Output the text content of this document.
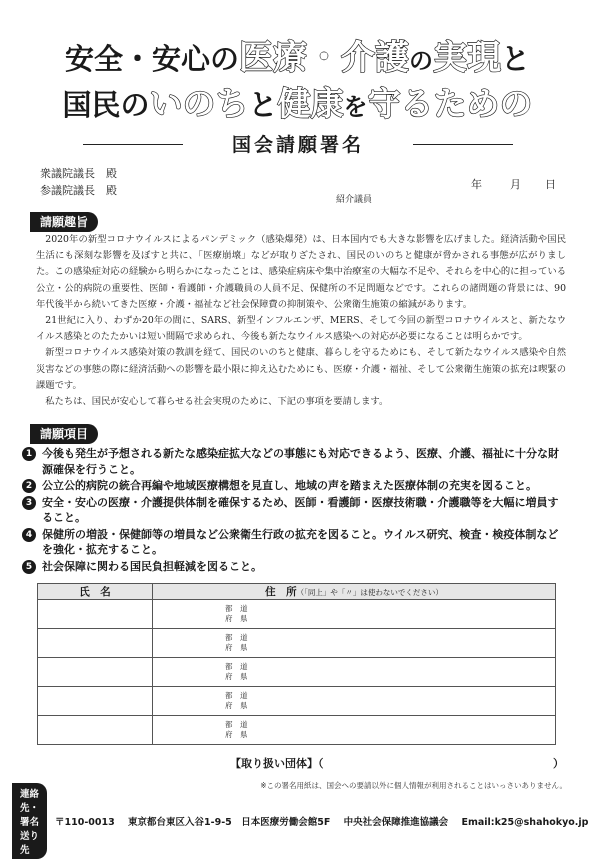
安全・安心の医療・介護の実現と
国民のいのちと健康を守るための
国会請願署名
衆議院議長　殿
参議院議長　殿
紹介議員
年	月 日
請願趣旨

2020年の新型コロナウイルスによるパンデミック（感染爆発）は、日本国内でも大きな影響を広げました。経済活動や国民生活にも深刻な影響を及ぼすと共に、「医療崩壊」などが取りざたされ、国民のいのちと健康が脅かされる事態が広がりました。この感染症対応の経験から明らかになったことは、感染症病床や集中治療室の大幅な不足や、それらを中心的に担っている公立・公的病院の重要性、医師・看護師・介護職員の人員不足、保健所の不足問題などです。これらの諸問題の背景には、90年代後半から続いてきた医療・介護・福祉など社会保障費の抑制策や、公衆衛生施策の縮減があります。

21世紀に入り、わずか20年の間に、SARS、新型インフルエンザ、MERS、そして今回の新型コロナウイルスと、新たなウイルス感染とのたたかいは短い間隔で求められ、今後も新たなウイルス感染への対応が必要になることは明らかです。

新型コロナウイルス感染対策の教訓を経て、国民のいのちと健康、暮らしを守るためにも、そして新たなウイルス感染や自然災害などの事態の際に経済活動への影響を最小限に抑え込むためにも、医療・介護・福祉、そして公衆衛生施策の拡充は喫緊の課題です。

私たちは、国民が安心して暮らせる社会実現のために、下記の事項を要請します。

請願項目
1 今後も発生が予想される新たな感染症拡大などの事態にも対応できるよう、医療、介護、福祉に十分な財源確保を行うこと。
2 公立公的病院の統合再編や地域医療構想を見直し、地域の声を踏まえた医療体制の充実を図ること。
3 安全・安心の医療・介護提供体制を確保するため、医師・看護師・医療技術職・介護職等を大幅に増員すること。
4 保健所の増設・保健師等の増員など公衆衛生行政の拡充を図ること。ウイルス研究、検査・検疫体制などを強化・拡充すること。
5 社会保障に関わる国民負担軽減を図ること。
氏　名	住　所（「同上」や「〃」は使わないでください）

	都　道
府　県

	都　道
府　県

	都　道
府　県

	都　道
府　県

	都　道
府　県
【取り扱い団体】（	）
※この署名用紙は、国会への要請以外に個人情報が利用されることはいっさいありません。
連絡先・署名送り先
〒110-0013 東京都台東区入谷1-9-5　日本医療労働会館5F 中央社会保障推進協議会 Email:k25@shahokyo.jp
